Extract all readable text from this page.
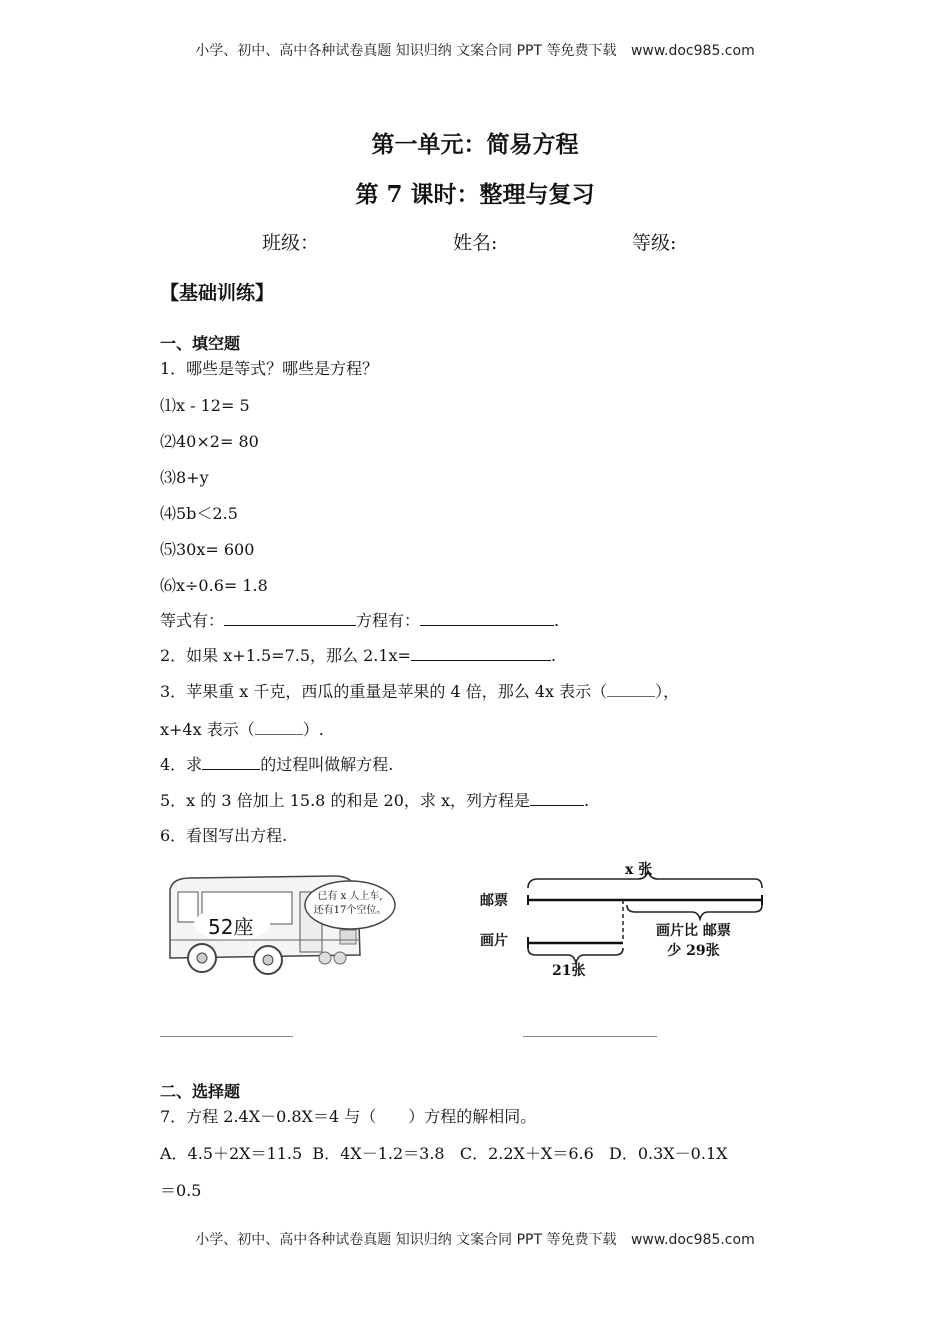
小学、初中、高中各种试卷真题 知识归纳 文案合同 PPT 等免费下载 www.doc985.com
第一单元：简易方程
第 7 课时：整理与复习
班级：	姓名:	等级:
【基础训练】
一、填空题
1．哪些是等式？哪些是方程？
⑴x - 12= 5
⑵40×2= 80
⑶8+y
⑷5b＜2.5
⑸30x= 600
⑹x÷0.6= 1.8
等式有：	方程有：	.
2．如果 x+1.5=7.5，那么 2.1x=	.
3．苹果重 x 千克，西瓜的重量是苹果的 4 倍，那么 4x 表示（	），
x+4x 表示（	）.
4．求	的过程叫做解方程.
5．x 的 3 倍加上 15.8 的和是 20，求 x，列方程是	.
6．看图写出方程.
52座
已有 x 人上车,
还有17个空位。
x 张
邮票
画片
21张
画片比 邮票
少 29张
二、选择题
7．方程 2.4X－0.8X＝4 与（　　）方程的解相同。
A．4.5＋2X＝11.5  B．4X－1.2＝3.8   C．2.2X＋X＝6.6   D．0.3X－0.1X
＝0.5
小学、初中、高中各种试卷真题 知识归纳 文案合同 PPT 等免费下载 www.doc985.com
